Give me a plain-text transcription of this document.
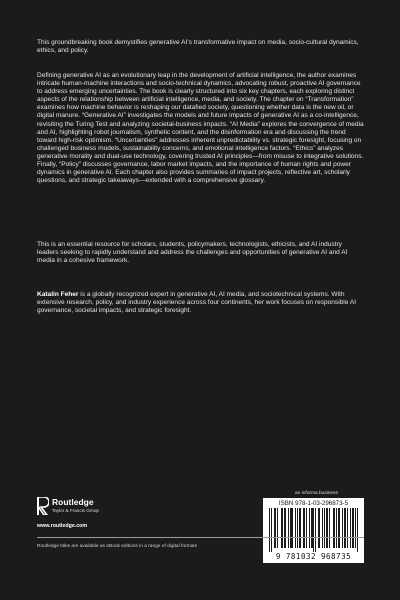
This groundbreaking book demystifies generative AI’s transformative impact on media, socio-cultural dynamics, ethics, and policy.

Defining generative AI as an evolutionary leap in the development of artificial intelligence, the author examines intricate human-machine interactions and socio-technical dynamics, advocating robust, proactive AI governance to address emerging uncertainties. The book is clearly structured into six key chapters, each exploring distinct aspects of the relationship between artificial intelligence, media, and society. The chapter on “Transformation” examines how machine behavior is reshaping our datafied society, questioning whether data is the new oil, or digital manure. “Generative AI” investigates the models and future impacts of generative AI as a co-intelligence, revisiting the Turing Test and analyzing societal-business impacts. “AI Media” explores the convergence of media and AI, highlighting robot journalism, synthetic content, and the disinformation era and discussing the trend toward high-risk optimism. “Uncertainties” addresses inherent unpredictability vs. strategic foresight, focusing on challenged business models, sustainability concerns, and emotional intelligence factors. “Ethics” analyzes generative morality and dual-use technology, covering trusted AI principles—from misuse to integrative solutions. Finally, “Policy” discusses governance, labor market impacts, and the importance of human rights and power dynamics in generative AI. Each chapter also provides summaries of impact projects, reflective art, scholarly questions, and strategic takeaways—extended with a comprehensive glossary.

This is an essential resource for scholars, students, policymakers, technologists, ethicists, and AI industry leaders seeking to rapidly understand and address the challenges and opportunities of generative AI and AI media in a cohesive framework.

Katalin Feher is a globally recognized expert in generative AI, AI media, and sociotechnical systems. With extensive research, policy, and industry experience across four continents, her work focuses on responsible AI governance, societal impacts, and strategic foresight.

Routledge
Taylor & Francis Group
www.routledge.com
an informa business
ISBN 978-1-03-296873-5
9 781032 968735
Routledge titles are available as eBook editions in a range of digital formats
